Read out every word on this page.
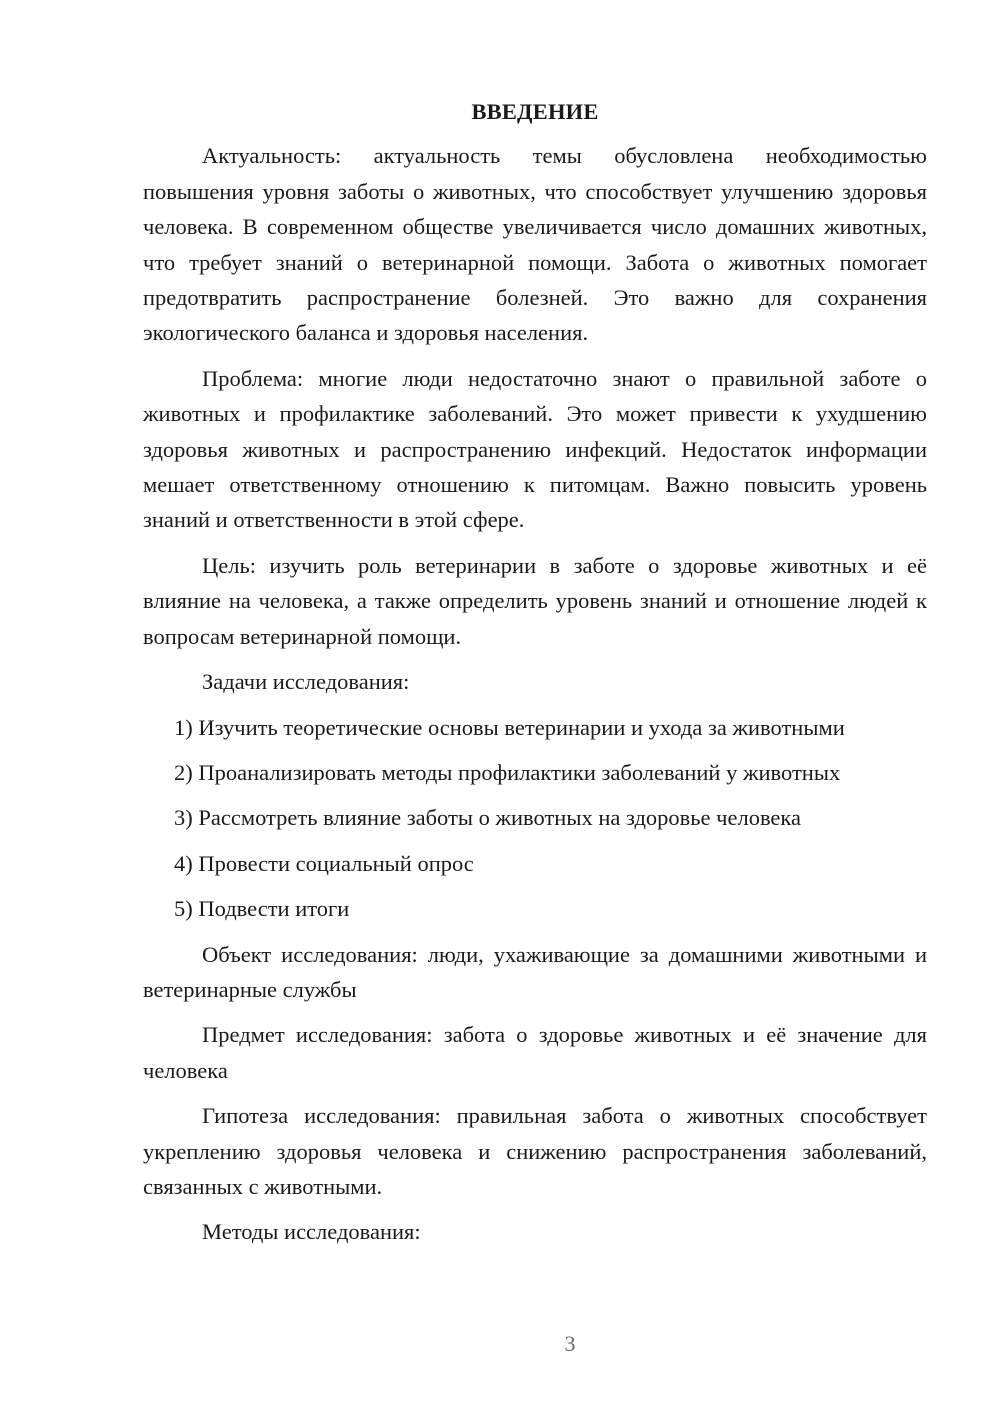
ВВЕДЕНИЕ
Актуальность: актуальность темы обусловлена необходимостью повышения уровня заботы о животных, что способствует улучшению здоровья человека. В современном обществе увеличивается число домашних животных, что требует знаний о ветеринарной помощи. Забота о животных помогает предотвратить распространение болезней. Это важно для сохранения экологического баланса и здоровья населения.
Проблема: многие люди недостаточно знают о правильной заботе о животных и профилактике заболеваний. Это может привести к ухудшению здоровья животных и распространению инфекций. Недостаток информации мешает ответственному отношению к питомцам. Важно повысить уровень знаний и ответственности в этой сфере.
Цель: изучить роль ветеринарии в заботе о здоровье животных и её влияние на человека, а также определить уровень знаний и отношение людей к вопросам ветеринарной помощи.
Задачи исследования:
1) Изучить теоретические основы ветеринарии и ухода за животными
2) Проанализировать методы профилактики заболеваний у животных
3) Рассмотреть влияние заботы о животных на здоровье человека
4) Провести социальный опрос
5) Подвести итоги
Объект исследования: люди, ухаживающие за домашними животными и ветеринарные службы
Предмет исследования: забота о здоровье животных и её значение для человека
Гипотеза исследования: правильная забота о животных способствует укреплению здоровья человека и снижению распространения заболеваний, связанных с животными.
Методы исследования:
3
